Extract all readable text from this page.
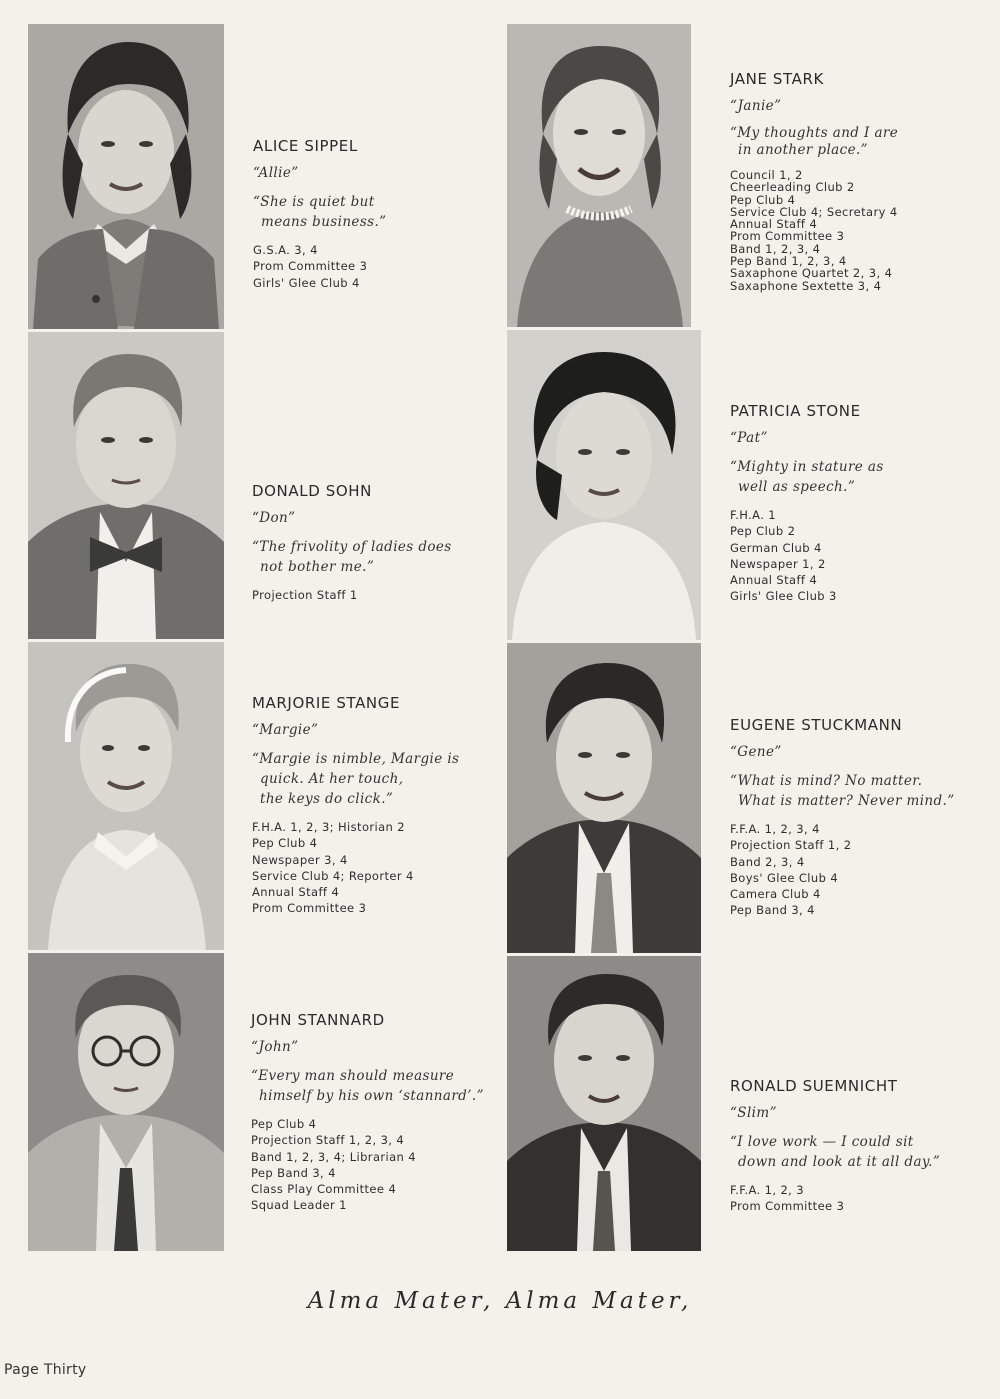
ALICE SIPPEL
“Allie”
“She is quiet but
means business.”
G.S.A. 3, 4
Prom Committee 3
Girls' Glee Club 4
DONALD SOHN
“Don”
“The frivolity of ladies does
not bother me.”
Projection Staff 1
MARJORIE STANGE
“Margie”
“Margie is nimble, Margie is
quick. At her touch,
the keys do click.”
F.H.A. 1, 2, 3; Historian 2
Pep Club 4
Newspaper 3, 4
Service Club 4; Reporter 4
Annual Staff 4
Prom Committee 3
JOHN STANNARD
“John”
“Every man should measure
himself by his own ‘stannard’.”
Pep Club 4
Projection Staff 1, 2, 3, 4
Band 1, 2, 3, 4; Librarian 4
Pep Band 3, 4
Class Play Committee 4
Squad Leader 1
JANE STARK
“Janie”
“My thoughts and I are
in another place.”
Council 1, 2
Cheerleading Club 2
Pep Club 4
Service Club 4; Secretary 4
Annual Staff 4
Prom Committee 3
Band 1, 2, 3, 4
Pep Band 1, 2, 3, 4
Saxaphone Quartet 2, 3, 4
Saxaphone Sextette 3, 4
PATRICIA STONE
“Pat”
“Mighty in stature as
well as speech.”
F.H.A. 1
Pep Club 2
German Club 4
Newspaper 1, 2
Annual Staff 4
Girls' Glee Club 3
EUGENE STUCKMANN
“Gene”
“What is mind? No matter.
What is matter? Never mind.”
F.F.A. 1, 2, 3, 4
Projection Staff 1, 2
Band 2, 3, 4
Boys' Glee Club 4
Camera Club 4
Pep Band 3, 4
RONALD SUEMNICHT
“Slim”
“I love work — I could sit
down and look at it all day.”
F.F.A. 1, 2, 3
Prom Committee 3
Alma Mater, Alma Mater,
Page Thirty
